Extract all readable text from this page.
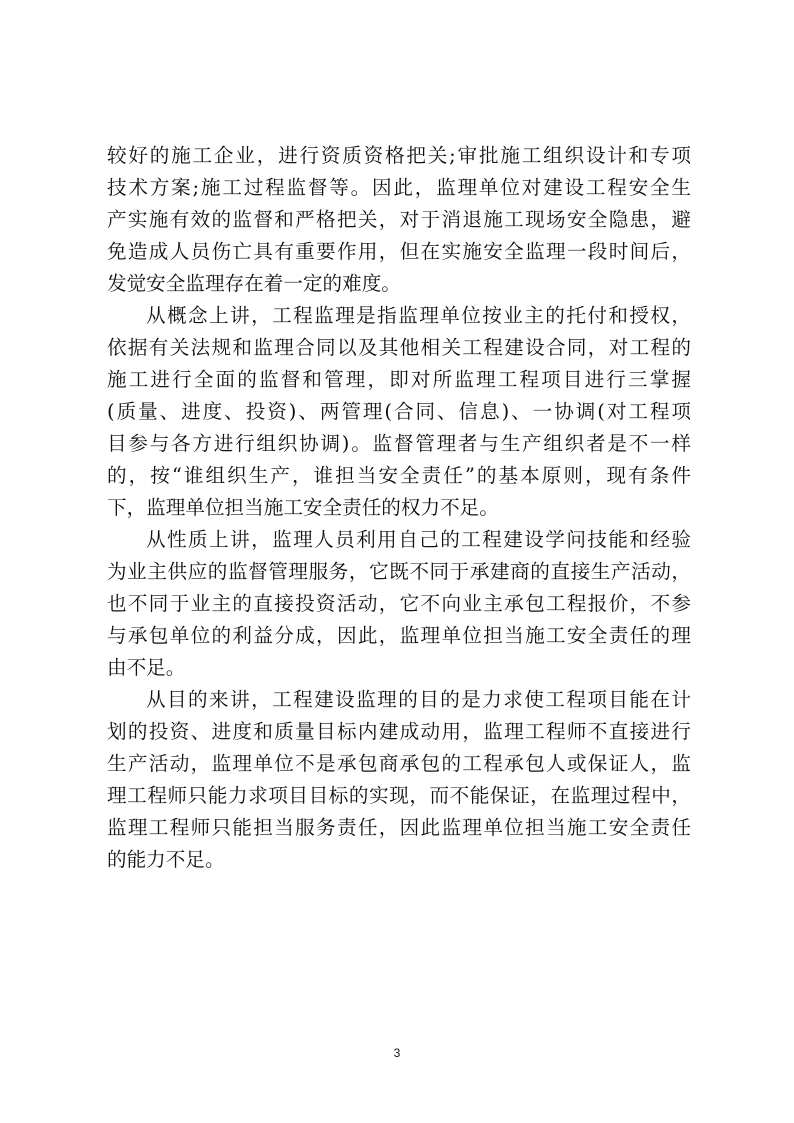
较好的施工企业，进行资质资格把关;审批施工组织设计和专项
技术方案;施工过程监督等。因此，监理单位对建设工程安全生
产实施有效的监督和严格把关，对于消退施工现场安全隐患，避
免造成人员伤亡具有重要作用，但在实施安全监理一段时间后，
发觉安全监理存在着一定的难度。
从概念上讲，工程监理是指监理单位按业主的托付和授权，
依据有关法规和监理合同以及其他相关工程建设合同，对工程的
施工进行全面的监督和管理，即对所监理工程项目进行三掌握
(质量、进度、投资)、两管理(合同、信息)、一协调(对工程项
目参与各方进行组织协调)。监督管理者与生产组织者是不一样
的，按“谁组织生产，谁担当安全责任”的基本原则，现有条件
下，监理单位担当施工安全责任的权力不足。
从性质上讲，监理人员利用自己的工程建设学问技能和经验
为业主供应的监督管理服务，它既不同于承建商的直接生产活动，
也不同于业主的直接投资活动，它不向业主承包工程报价，不参
与承包单位的利益分成，因此，监理单位担当施工安全责任的理
由不足。
从目的来讲，工程建设监理的目的是力求使工程项目能在计
划的投资、进度和质量目标内建成动用，监理工程师不直接进行
生产活动，监理单位不是承包商承包的工程承包人或保证人，监
理工程师只能力求项目目标的实现，而不能保证，在监理过程中，
监理工程师只能担当服务责任，因此监理单位担当施工安全责任
的能力不足。
3
